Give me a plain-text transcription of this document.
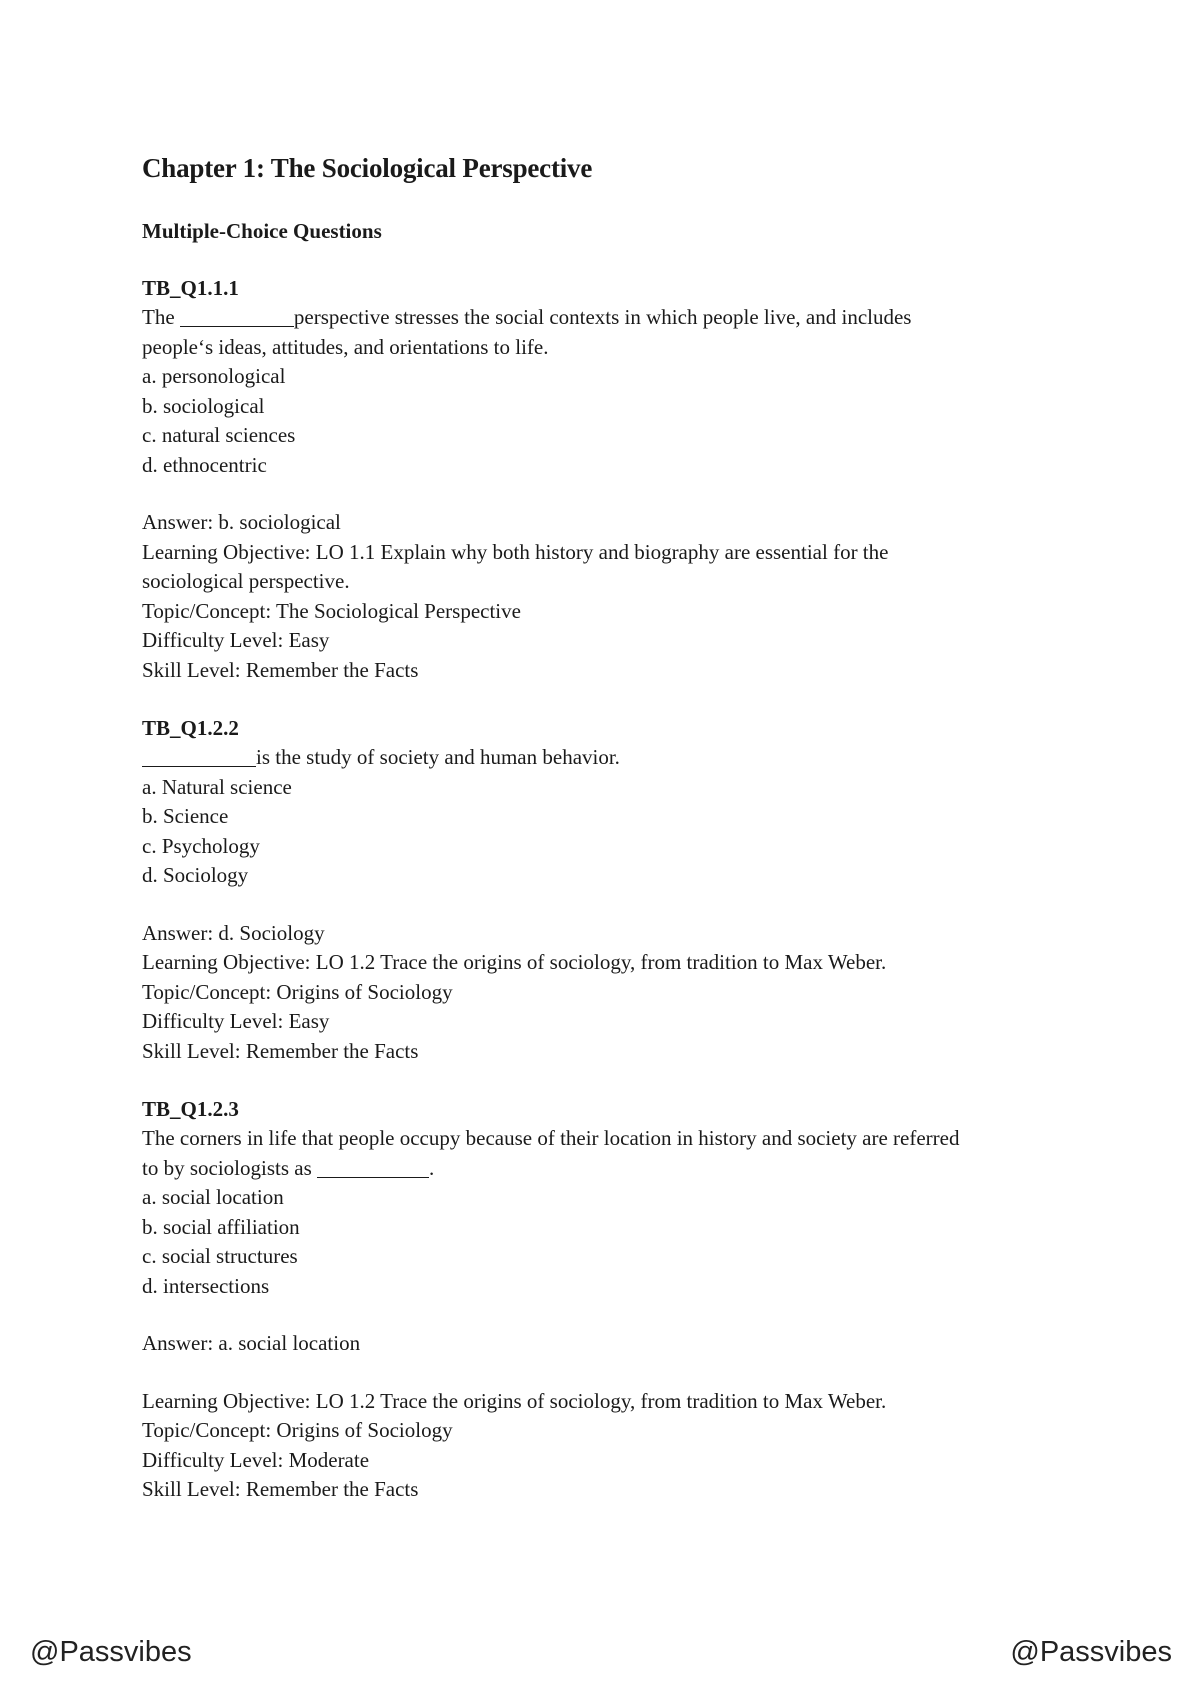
Chapter 1: The Sociological Perspective
Multiple-Choice Questions
TB_Q1.1.1
The	perspective stresses the social contexts in which people live, and includes
people‘s ideas, attitudes, and orientations to life.
a. personological
b. sociological
c. natural sciences
d. ethnocentric
Answer: b. sociological
Learning Objective: LO 1.1 Explain why both history and biography are essential for the
sociological perspective.
Topic/Concept: The Sociological Perspective
Difficulty Level: Easy
Skill Level: Remember the Facts
TB_Q1.2.2
is the study of society and human behavior.
a. Natural science
b. Science
c. Psychology
d. Sociology
Answer: d. Sociology
Learning Objective: LO 1.2 Trace the origins of sociology, from tradition to Max Weber.
Topic/Concept: Origins of Sociology
Difficulty Level: Easy
Skill Level: Remember the Facts
TB_Q1.2.3
The corners in life that people occupy because of their location in history and society are referred
to by sociologists as	.
a. social location
b. social affiliation
c. social structures
d. intersections
Answer: a. social location
Learning Objective: LO 1.2 Trace the origins of sociology, from tradition to Max Weber.
Topic/Concept: Origins of Sociology
Difficulty Level: Moderate
Skill Level: Remember the Facts
@Passvibes	@Passvibes
